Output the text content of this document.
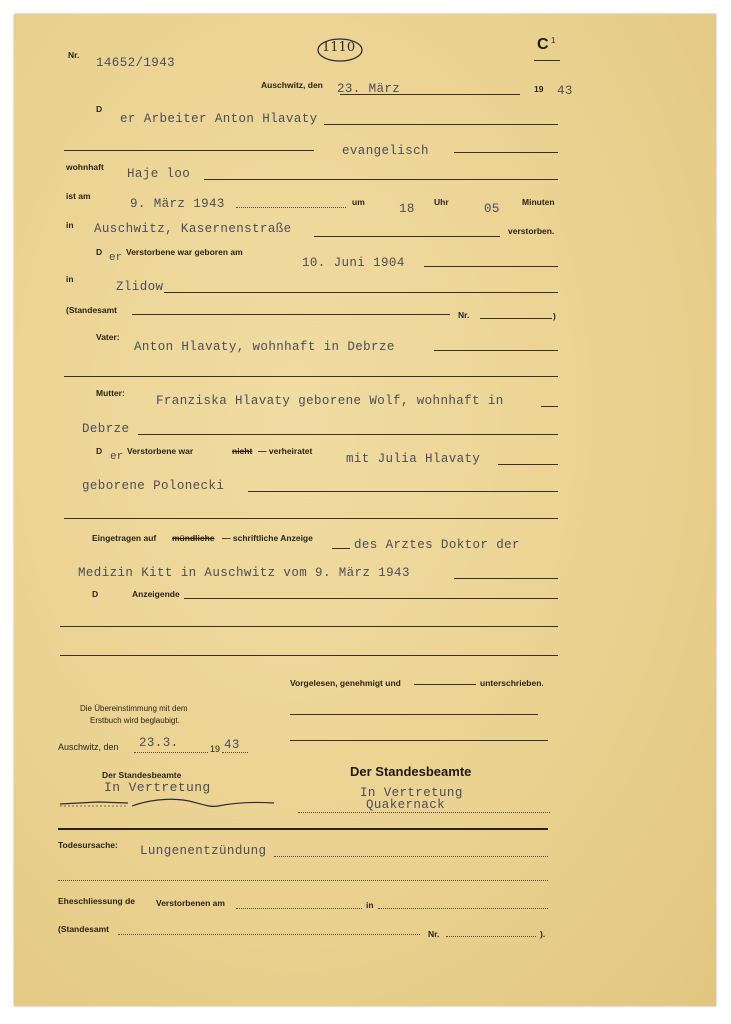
1110	C 1
Nr.
14652/1943
Auschwitz, den 23. März	19 43
D
er Arbeiter Anton Hlavaty
evangelisch
wohnhaft Haje loo
ist am
9. März 1943	um	18 Uhr	05	Minuten
in Auschwitz, Kasernenstraße	verstorben.
D er Verstorbene war geboren am
10. Juni 1904
in
Zlidow
(Standesamt	Nr.	)
Vater:
Anton Hlavaty, wohnhaft in Debrze
Mutter:
Franziska Hlavaty geborene Wolf, wohnhaft in
Debrze
D er Verstorbene war	nicht — verheiratet
mit Julia Hlavaty
geborene Polonecki
Eingetragen auf mündliche — schriftliche Anzeige	des Arztes Doktor der
Medizin Kitt in Auschwitz vom 9. März 1943
D	Anzeigende
Vorgelesen, genehmigt und	unterschrieben.
Die Übereinstimmung mit dem
Erstbuch wird beglaubigt.
Auschwitz, den 23.3.	19 43
Der Standesbeamte
In Vertretung
Der Standesbeamte
In Vertretung
Quakernack
Todesursache: Lungenentzündung
Eheschliessung de Verstorbenen am	in
(Standesamt	Nr.	).
